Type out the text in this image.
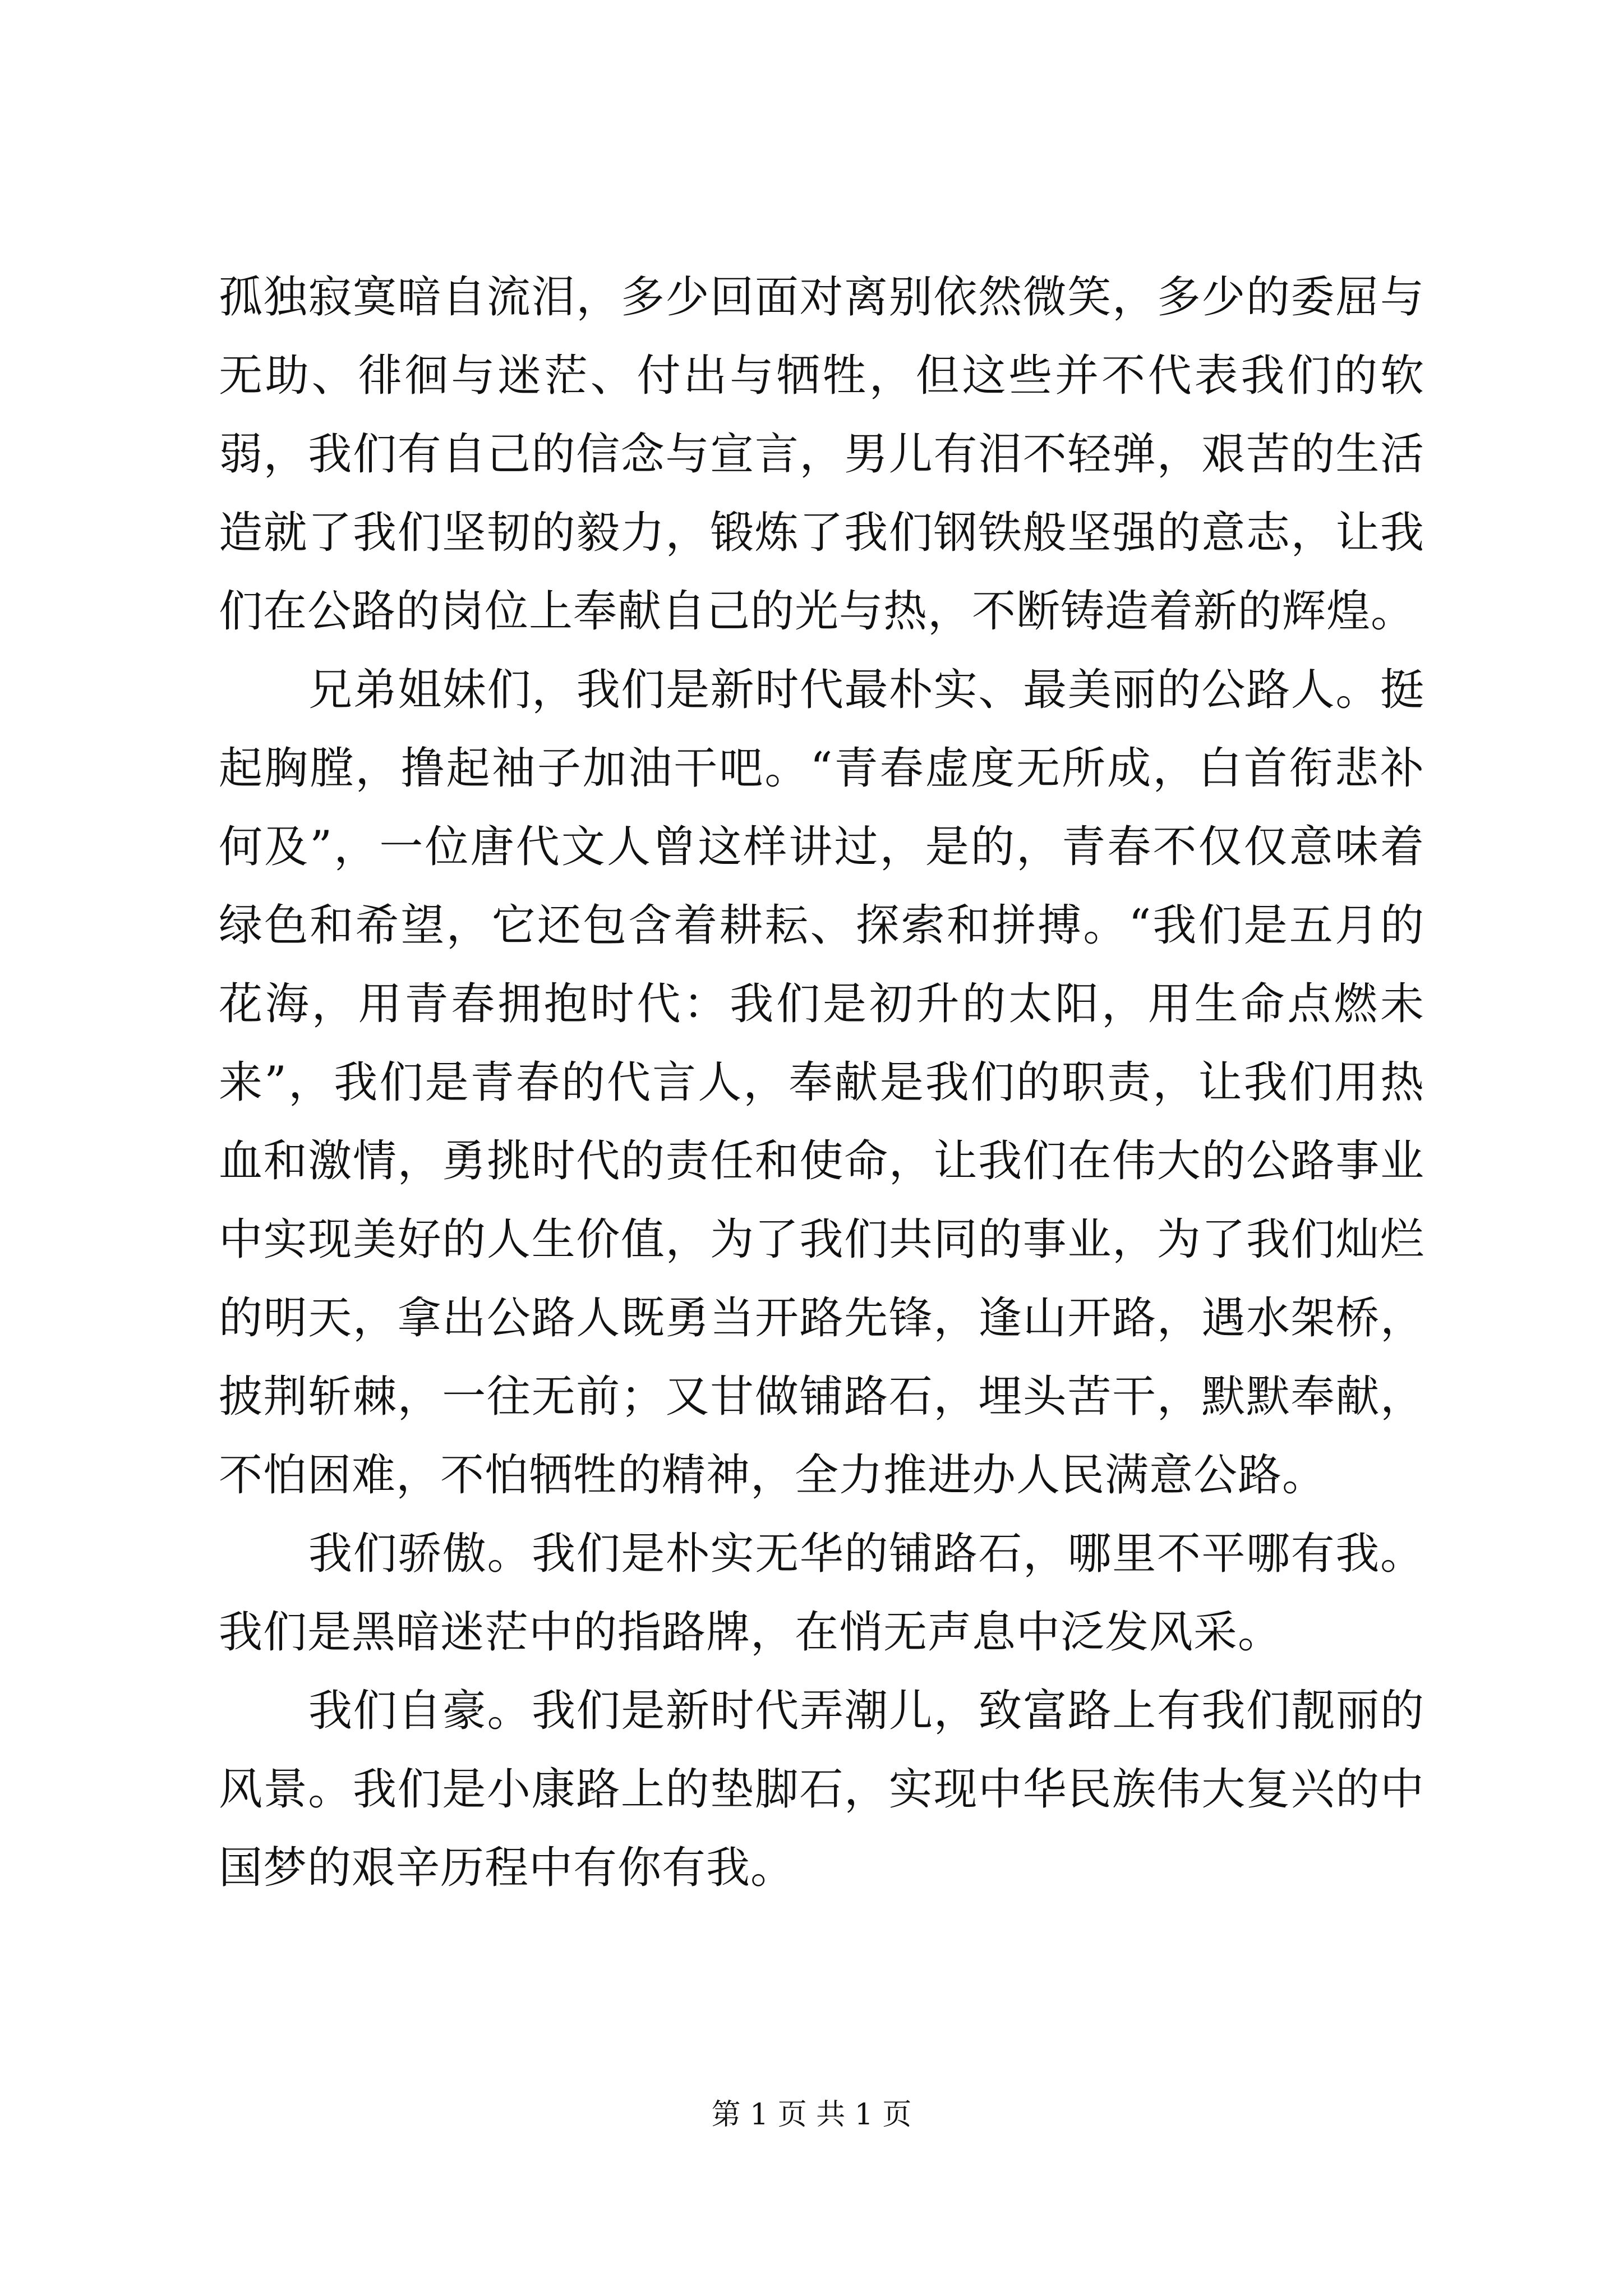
孤独寂寞暗自流泪，多少回面对离别依然微笑，多少的委屈与无助、徘徊与迷茫、付出与牺牲，但这些并不代表我们的软弱，我们有自己的信念与宣言，男儿有泪不轻弹，艰苦的生活造就了我们坚韧的毅力，锻炼了我们钢铁般坚强的意志，让我们在公路的岗位上奉献自己的光与热，不断铸造着新的辉煌。

兄弟姐妹们，我们是新时代最朴实、最美丽的公路人。挺起胸膛，撸起袖子加油干吧。“青春虚度无所成，白首衔悲补何及”，一位唐代文人曾这样讲过，是的，青春不仅仅意味着绿色和希望，它还包含着耕耘、探索和拼搏。“我们是五月的花海，用青春拥抱时代：我们是初升的太阳，用生命点燃未来”，我们是青春的代言人，奉献是我们的职责，让我们用热血和激情，勇挑时代的责任和使命，让我们在伟大的公路事业中实现美好的人生价值，为了我们共同的事业，为了我们灿烂的明天，拿出公路人既勇当开路先锋，逢山开路，遇水架桥，披荆斩棘，一往无前；又甘做铺路石，埋头苦干，默默奉献，不怕困难，不怕牺牲的精神，全力推进办人民满意公路。

我们骄傲。我们是朴实无华的铺路石，哪里不平哪有我。我们是黑暗迷茫中的指路牌，在悄无声息中泛发风采。

我们自豪。我们是新时代弄潮儿，致富路上有我们靓丽的风景。我们是小康路上的垫脚石，实现中华民族伟大复兴的中国梦的艰辛历程中有你有我。

第 1 页 共 1 页
